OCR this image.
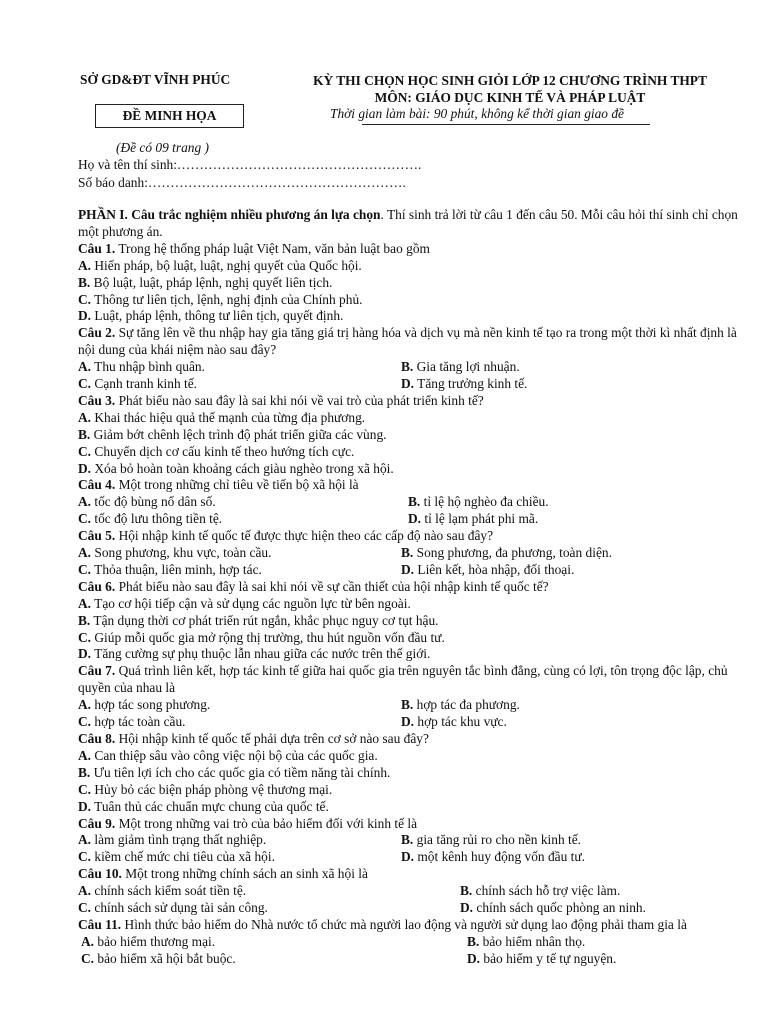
SỞ GD&ĐT VĨNH PHÚC	KỲ THI CHỌN HỌC SINH GIỎI LỚP 12 CHƯƠNG TRÌNH THPT
MÔN: GIÁO DỤC KINH TẾ VÀ PHÁP LUẬT
ĐỀ MINH HỌA	Thời gian làm bài: 90 phút, không kể thời gian giao đề
(Đề có 09 trang )
Họ và tên thí sinh:……………………………………………….
Số báo danh:………………………………………………….

PHẦN I. Câu trắc nghiệm nhiều phương án lựa chọn. Thí sinh trả lời từ câu 1 đến câu 50. Mỗi câu hỏi thí sinh chỉ chọn một phương án.

Câu 1. Trong hệ thống pháp luật Việt Nam, văn bản luật bao gồm

A. Hiến pháp, bộ luật, luật, nghị quyết của Quốc hội.

B. Bộ luật, luật, pháp lệnh, nghị quyết liên tịch.

C. Thông tư liên tịch, lệnh, nghị định của Chính phủ.

D. Luật, pháp lệnh, thông tư liên tịch, quyết định.

Câu 2. Sự tăng lên về thu nhập hay gia tăng giá trị hàng hóa và dịch vụ mà nền kinh tế tạo ra trong một thời kì nhất định là nội dung của khái niệm nào sau đây?

A. Thu nhập bình quân.	B. Gia tăng lợi nhuận.
C. Cạnh tranh kinh tế.	D. Tăng trưởng kinh tế.

Câu 3. Phát biểu nào sau đây là sai khi nói về vai trò của phát triển kinh tế?

A. Khai thác hiệu quả thế mạnh của từng địa phương.

B. Giảm bớt chênh lệch trình độ phát triển giữa các vùng.

C. Chuyển dịch cơ cấu kinh tế theo hướng tích cực.

D. Xóa bỏ hoàn toàn khoảng cách giàu nghèo trong xã hội.

Câu 4. Một trong những chỉ tiêu về tiến bộ xã hội là

A. tốc độ bùng nổ dân số.	B. tỉ lệ hộ nghèo đa chiều.
C. tốc độ lưu thông tiền tệ.	D. tỉ lệ lạm phát phi mã.

Câu 5. Hội nhập kinh tế quốc tế được thực hiện theo các cấp độ nào sau đây?

A. Song phương, khu vực, toàn cầu.	B. Song phương, đa phương, toàn diện.
C. Thỏa thuận, liên minh, hợp tác.	D. Liên kết, hòa nhập, đối thoại.

Câu 6. Phát biểu nào sau đây là sai khi nói về sự cần thiết của hội nhập kinh tế quốc tế?

A. Tạo cơ hội tiếp cận và sử dụng các nguồn lực từ bên ngoài.

B. Tận dụng thời cơ phát triển rút ngắn, khắc phục nguy cơ tụt hậu.

C. Giúp mỗi quốc gia mở rộng thị trường, thu hút nguồn vốn đầu tư.

D. Tăng cường sự phụ thuộc lẫn nhau giữa các nước trên thế giới.

Câu 7. Quá trình liên kết, hợp tác kinh tế giữa hai quốc gia trên nguyên tắc bình đẳng, cùng có lợi, tôn trọng độc lập, chủ quyền của nhau là

A. hợp tác song phương.	B. hợp tác đa phương.
C. hợp tác toàn cầu.	D. hợp tác khu vực.

Câu 8. Hội nhập kinh tế quốc tế phải dựa trên cơ sở nào sau đây?

A. Can thiệp sâu vào công việc nội bộ của các quốc gia.

B. Ưu tiên lợi ích cho các quốc gia có tiềm năng tài chính.

C. Hủy bỏ các biện pháp phòng vệ thương mại.

D. Tuân thủ các chuẩn mực chung của quốc tế.

Câu 9. Một trong những vai trò của bảo hiểm đối với kinh tế là

A. làm giảm tình trạng thất nghiệp.	B. gia tăng rủi ro cho nền kinh tế.
C. kiềm chế mức chi tiêu của xã hội.	D. một kênh huy động vốn đầu tư.

Câu 10. Một trong những chính sách an sinh xã hội là

A. chính sách kiểm soát tiền tệ.	B. chính sách hỗ trợ việc làm.
C. chính sách sử dụng tài sản công.	D. chính sách quốc phòng an ninh.

Câu 11. Hình thức bảo hiểm do Nhà nước tổ chức mà người lao động và người sử dụng lao động phải tham gia là

A. bảo hiểm thương mại.	B. bảo hiểm nhân thọ.
C. bảo hiểm xã hội bắt buộc.	D. bảo hiểm y tế tự nguyện.
